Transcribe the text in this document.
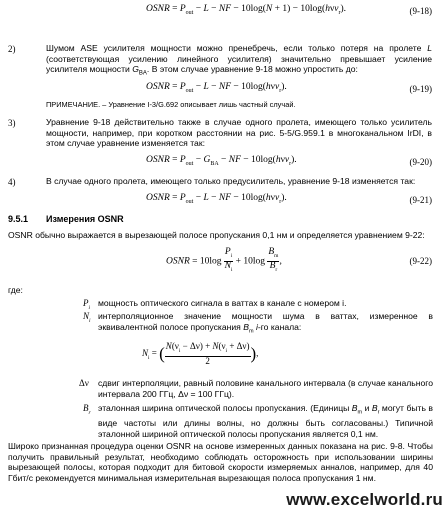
OSNR = $P_{out} - L$ − NF − 10log(N + 1) − 10log(hνν$_r$).	(9-18)
2)	Шумом ASE усилителя мощности можно пренебречь, если только потеря на пролете L (соответствующая усилению линейного усилителя) значительно превышает усиление усилителя мощности $G_{BA}$. В этом случае уравнение 9-18 можно упростить до:
OSNR = $P_{out} - L$ − NF − 10log(hνν$_r$).	(9-19)
ПРИМЕЧАНИЕ. – Уравнение I-3/G.692 описывает лишь частный случай.
3)	Уравнение 9-18 действительно также в случае одного пролета, имеющего только усилитель мощности, например, при коротком расстоянии на рис. 5-5/G.959.1 в многоканальном IrDI, в этом случае уравнение изменяется так:
OSNR = $P_{out} - G_{BA}$ − NF − 10log(hνν$_r$).	(9-20)
4)	В случае одного пролета, имеющего только предусилитель, уравнение 9-18 изменяется так:
OSNR = $P_{out} - L$ − NF − 10log(hνν$_r$).	(9-21)
9.5.1 Измерения OSNR
OSNR обычно выражается в вырезающей полосе пропускания 0,1 нм и определяется уравнением 9-22:
OSNR = $10\log \frac{P_i}{N_i} + 10\log \frac{B_m}{B_r}$ ,	(9-22)
где:
$P_i$ мощность оптического сигнала в ваттах в канале с номером i.
$N_i$ интерполяционное значение мощности шума в ваттах, измеренное в эквивалентной полосе пропускания $B_m$ i-го канала:
$N_i$ = ( $\frac{N(\nu_i - \Delta\nu) + N(\nu_i + \Delta\nu)}{2}$ ),
Δν сдвиг интерполяции, равный половине канального интервала (в случае канального интервала 200 ГГц, Δν = 100 ГГц).
$B_r$ эталонная ширина оптической полосы пропускания. (Единицы $B_m$ и $B_r$ могут быть в виде частоты или длины волны, но должны быть согласованы.) Типичной эталонной шириной оптической полосы пропускания является 0,1 нм.
Широко признанная процедура оценки OSNR на основе измеренных данных показана на рис. 9-8. Чтобы получить правильный результат, необходимо соблюдать осторожность при использовании ширины вырезающей полосы, которая подходит для битовой скорости измеряемых анналов, например, для 40 Гбит/с рекомендуется минимальная измерительная вырезающая полоса пропускания 1 нм.
www.excelworld.ru
